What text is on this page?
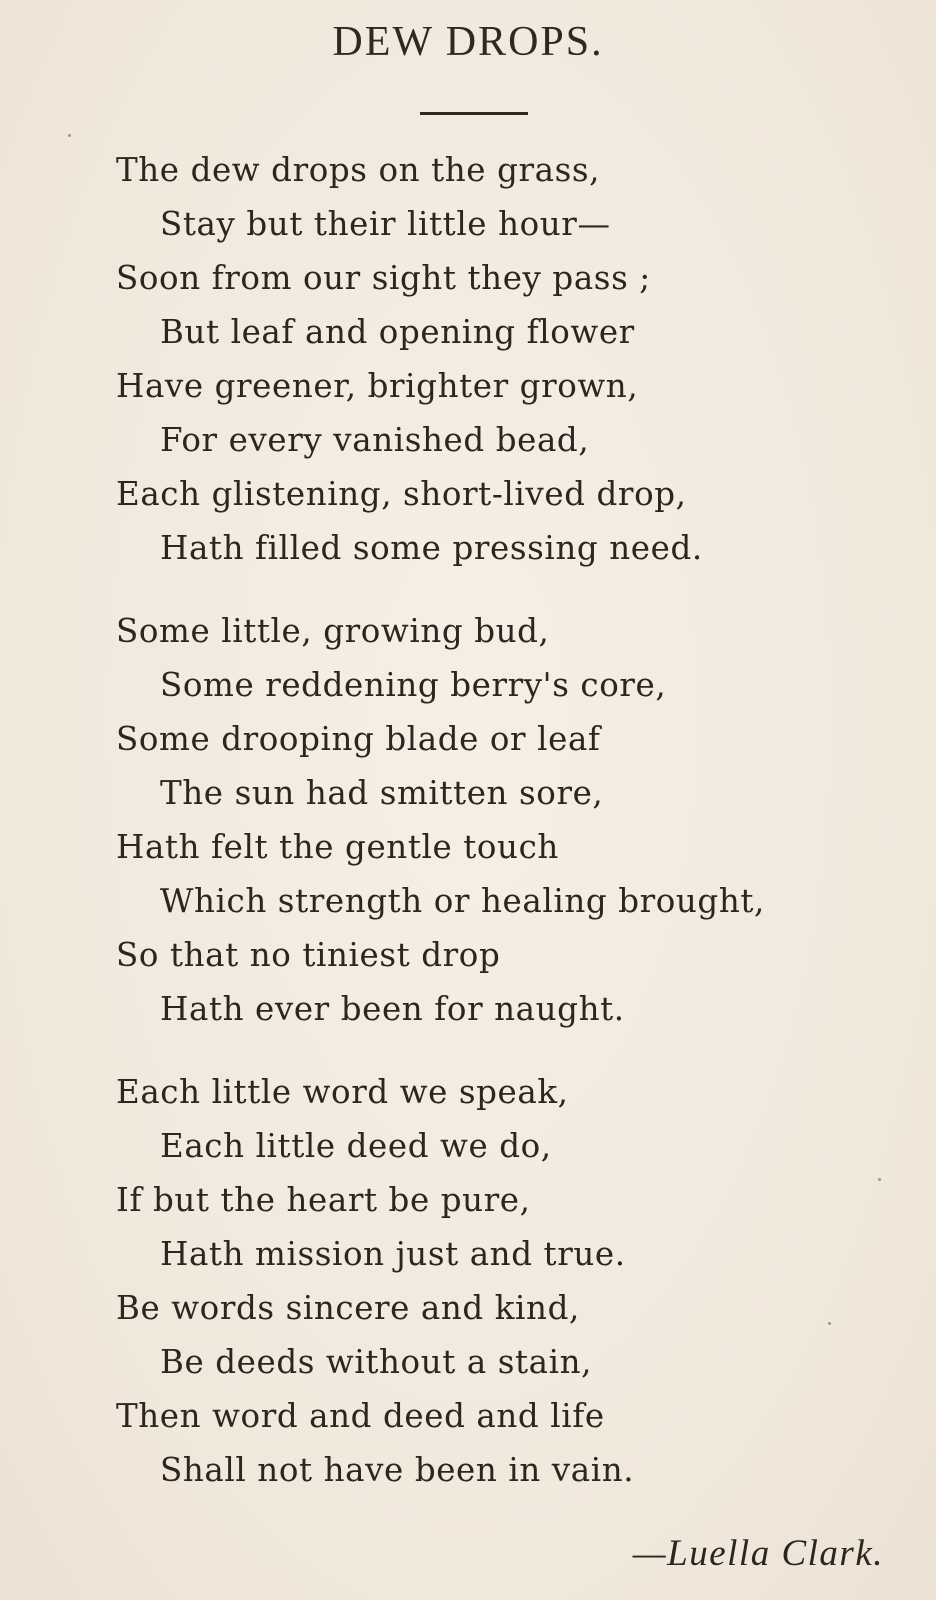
DEW DROPS.
The dew drops on the grass,
Stay but their little hour—
Soon from our sight they pass ;
But leaf and opening flower
Have greener, brighter grown,
For every vanished bead,
Each glistening, short-lived drop,
Hath filled some pressing need.
Some little, growing bud,
Some reddening berry's core,
Some drooping blade or leaf
The sun had smitten sore,
Hath felt the gentle touch
Which strength or healing brought,
So that no tiniest drop
Hath ever been for naught.
Each little word we speak,
Each little deed we do,
If but the heart be pure,
Hath mission just and true.
Be words sincere and kind,
Be deeds without a stain,
Then word and deed and life
Shall not have been in vain.
—Luella Clark.
